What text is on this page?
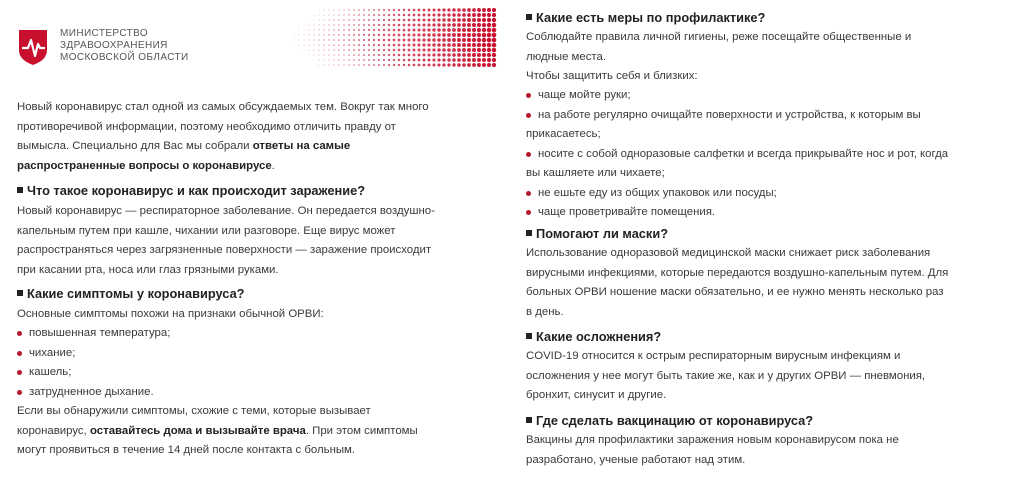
МИНИСТЕРСТВО
ЗДРАВООХРАНЕНИЯ
МОСКОВСКОЙ ОБЛАСТИ
Новый коронавирус стал одной из самых обсуждаемых тем. Вокруг так много
противоречивой информации, поэтому необходимо отличить правду от
вымысла. Специально для Вас мы собрали ответы на самые
распространенные вопросы о коронавирусе.
Что такое коронавирус и как происходит заражение?
Новый коронавирус — респираторное заболевание. Он передается воздушно-
капельным путем при кашле, чихании или разговоре. Еще вирус может
распространяться через загрязненные поверхности — заражение происходит
при касании рта, носа или глаз грязными руками.
Какие симптомы у коронавируса?
Основные симптомы похожи на признаки обычной ОРВИ:
повышенная температура;
чихание;
кашель;
затрудненное дыхание.
Если вы обнаружили симптомы, схожие с теми, которые вызывает
коронавирус, оставайтесь дома и вызывайте врача. При этом симптомы
могут проявиться в течение 14 дней после контакта с больным.
Какие есть меры по профилактике?
Соблюдайте правила личной гигиены, реже посещайте общественные и
людные места.
Чтобы защитить себя и близких:
чаще мойте руки;
на работе регулярно очищайте поверхности и устройства, к которым вы
прикасаетесь;
носите с собой одноразовые салфетки и всегда прикрывайте нос и рот, когда
вы кашляете или чихаете;
не ешьте еду из общих упаковок или посуды;
чаще проветривайте помещения.
Помогают ли маски?
Использование одноразовой медицинской маски снижает риск заболевания
вирусными инфекциями, которые передаются воздушно-капельным путем. Для
больных ОРВИ ношение маски обязательно, и ее нужно менять несколько раз
в день.
Какие осложнения?
COVID-19 относится к острым респираторным вирусным инфекциям и
осложнения у нее могут быть такие же, как и у других ОРВИ — пневмония,
бронхит, синусит и другие.
Где сделать вакцинацию от коронавируса?
Вакцины для профилактики заражения новым коронавирусом пока не
разработано, ученые работают над этим.
